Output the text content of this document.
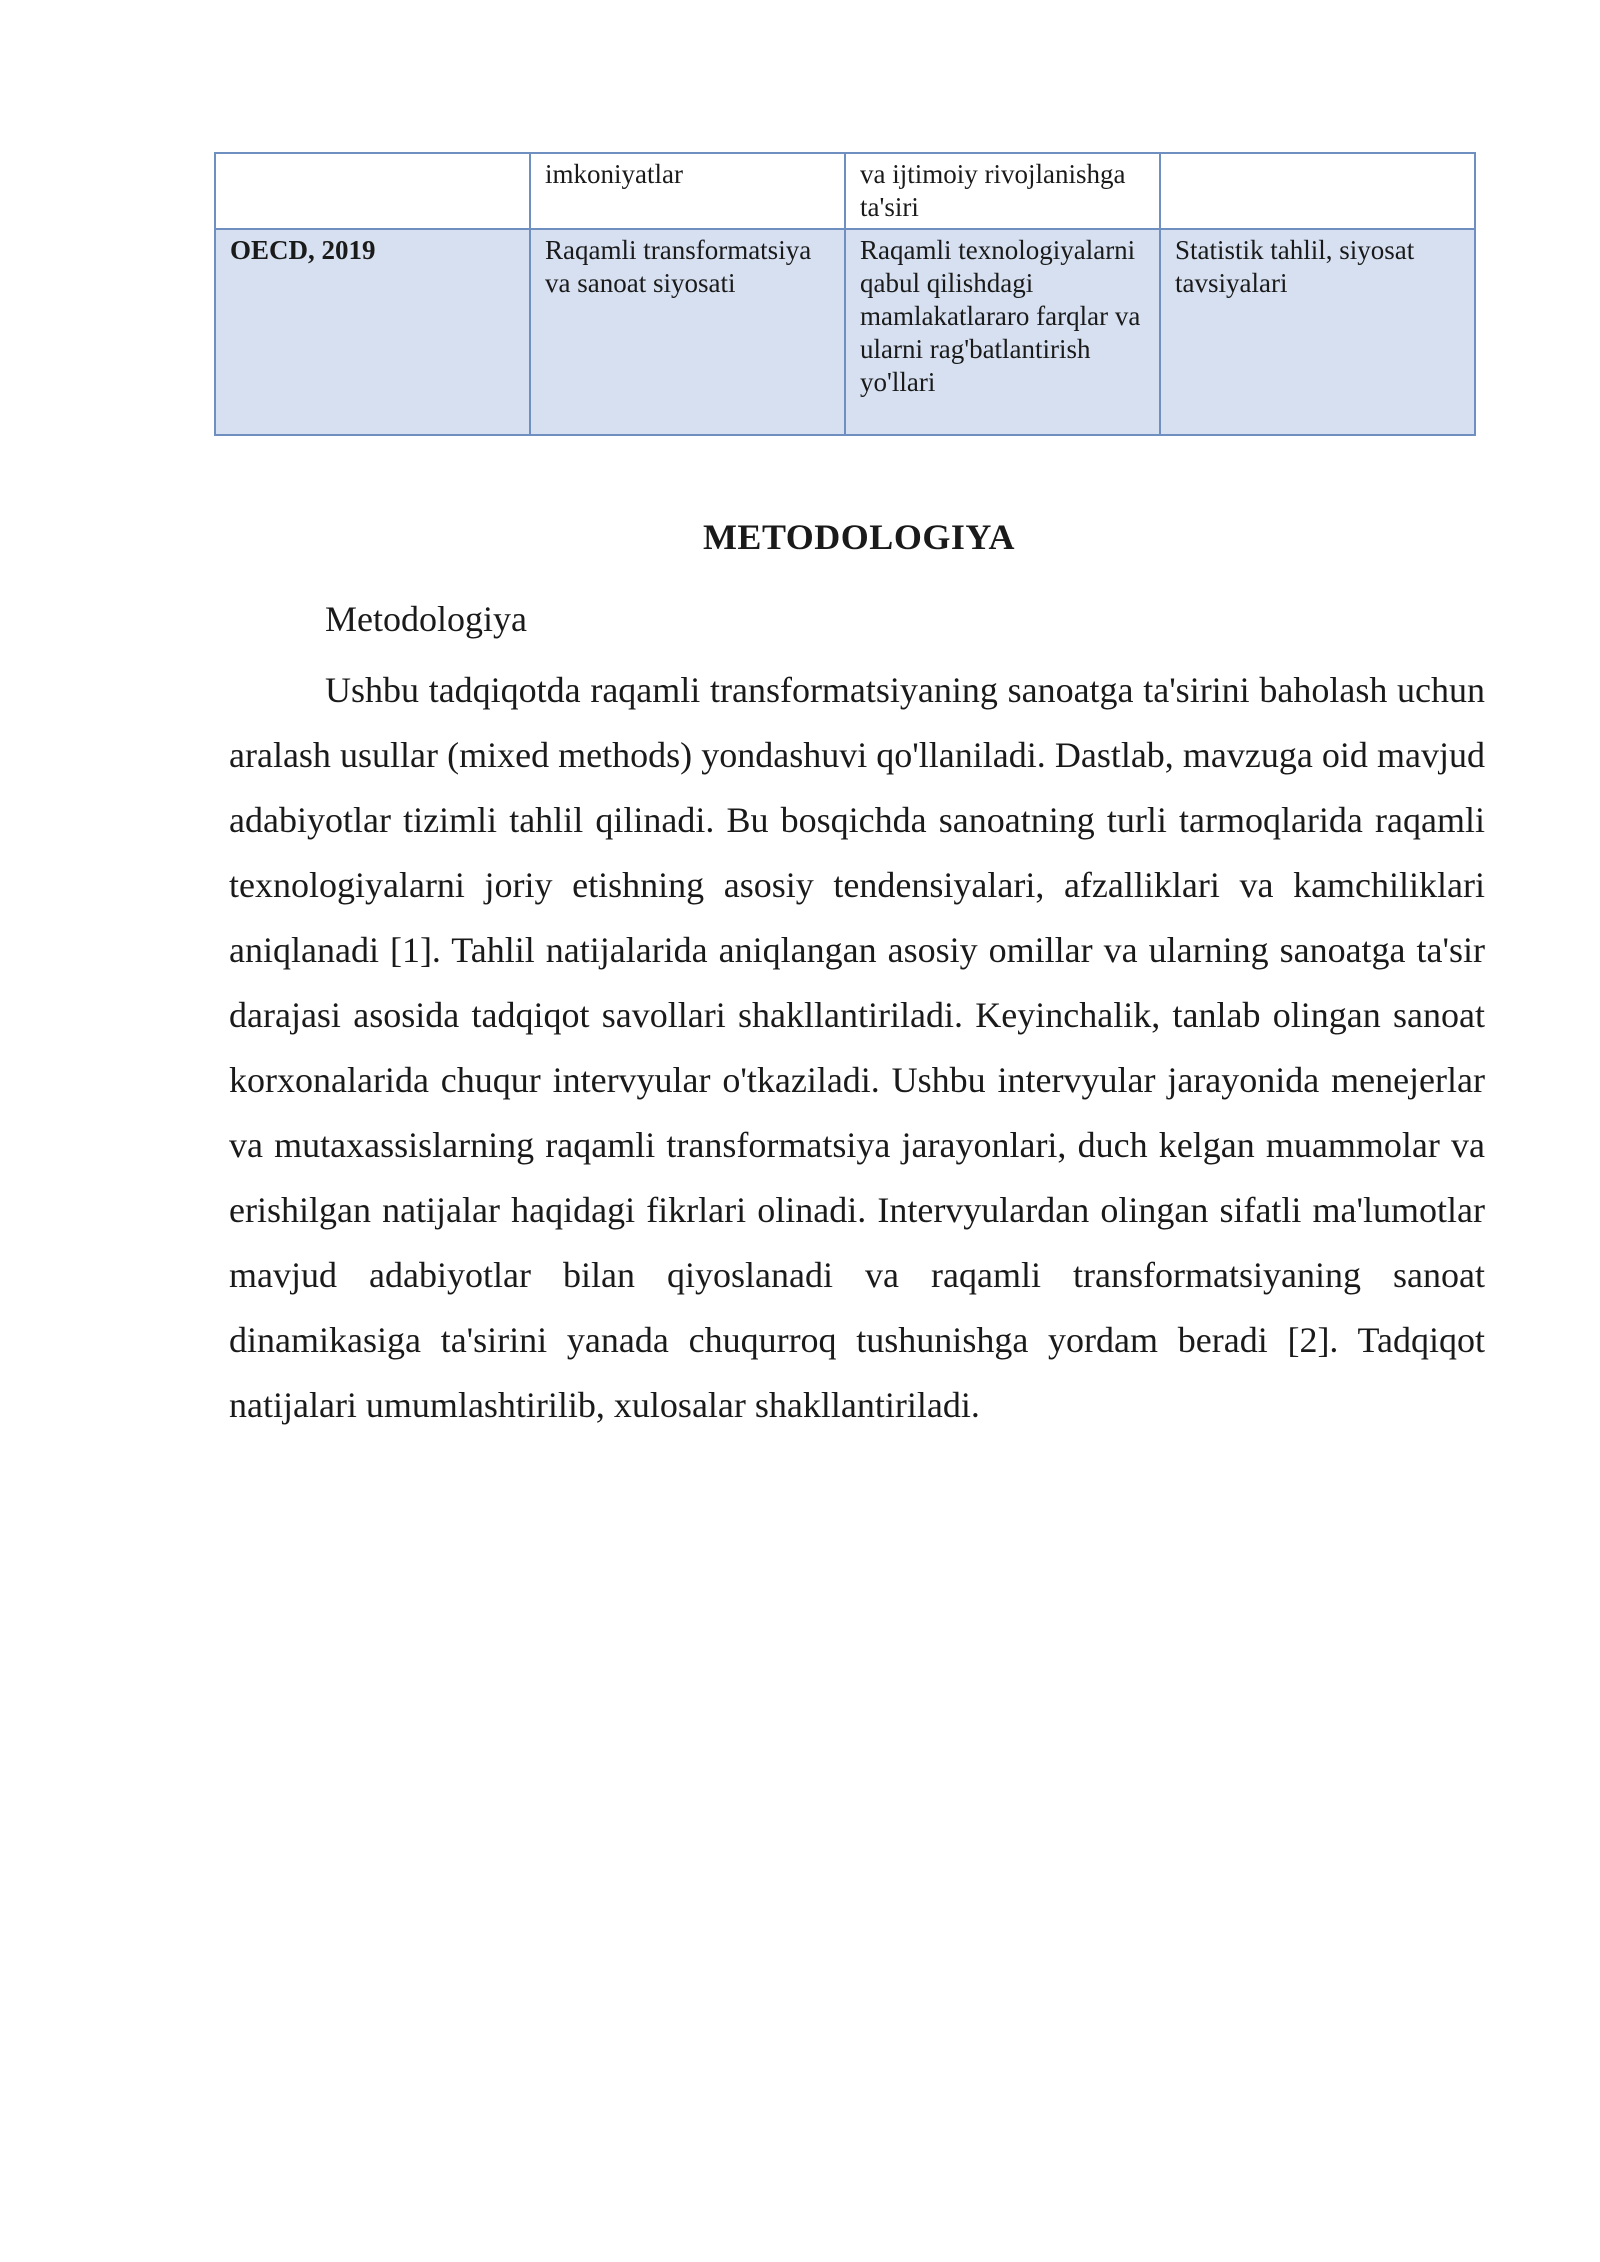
	imkoniyatlar	va ijtimoiy rivojlanishga ta'siri	
OECD, 2019	Raqamli transformatsiya va sanoat siyosati	Raqamli texnologiyalarni qabul qilishdagi mamlakatlararo farqlar va ularni rag'batlantirish yo'llari	Statistik tahlil, siyosat tavsiyalari
METODOLOGIYA
Metodologiya

Ushbu tadqiqotda raqamli transformatsiyaning sanoatga ta'sirini baholash uchun aralash usullar (mixed methods) yondashuvi qo'llaniladi. Dastlab, mavzuga oid mavjud adabiyotlar tizimli tahlil qilinadi. Bu bosqichda sanoatning turli tarmoqlarida raqamli texnologiyalarni joriy etishning asosiy tendensiyalari, afzalliklari va kamchiliklari aniqlanadi [1]. Tahlil natijalarida aniqlangan asosiy omillar va ularning sanoatga ta'sir darajasi asosida tadqiqot savollari shakllantiriladi. Keyinchalik, tanlab olingan sanoat korxonalarida chuqur intervyular o'tkaziladi. Ushbu intervyular jarayonida menejerlar va mutaxassislarning raqamli transformatsiya jarayonlari, duch kelgan muammolar va erishilgan natijalar haqidagi fikrlari olinadi. Intervyulardan olingan sifatli ma'lumotlar mavjud adabiyotlar bilan qiyoslanadi va raqamli transformatsiyaning sanoat dinamikasiga ta'sirini yanada chuqurroq tushunishga yordam beradi [2]. Tadqiqot natijalari umumlashtirilib, xulosalar shakllantiriladi.
